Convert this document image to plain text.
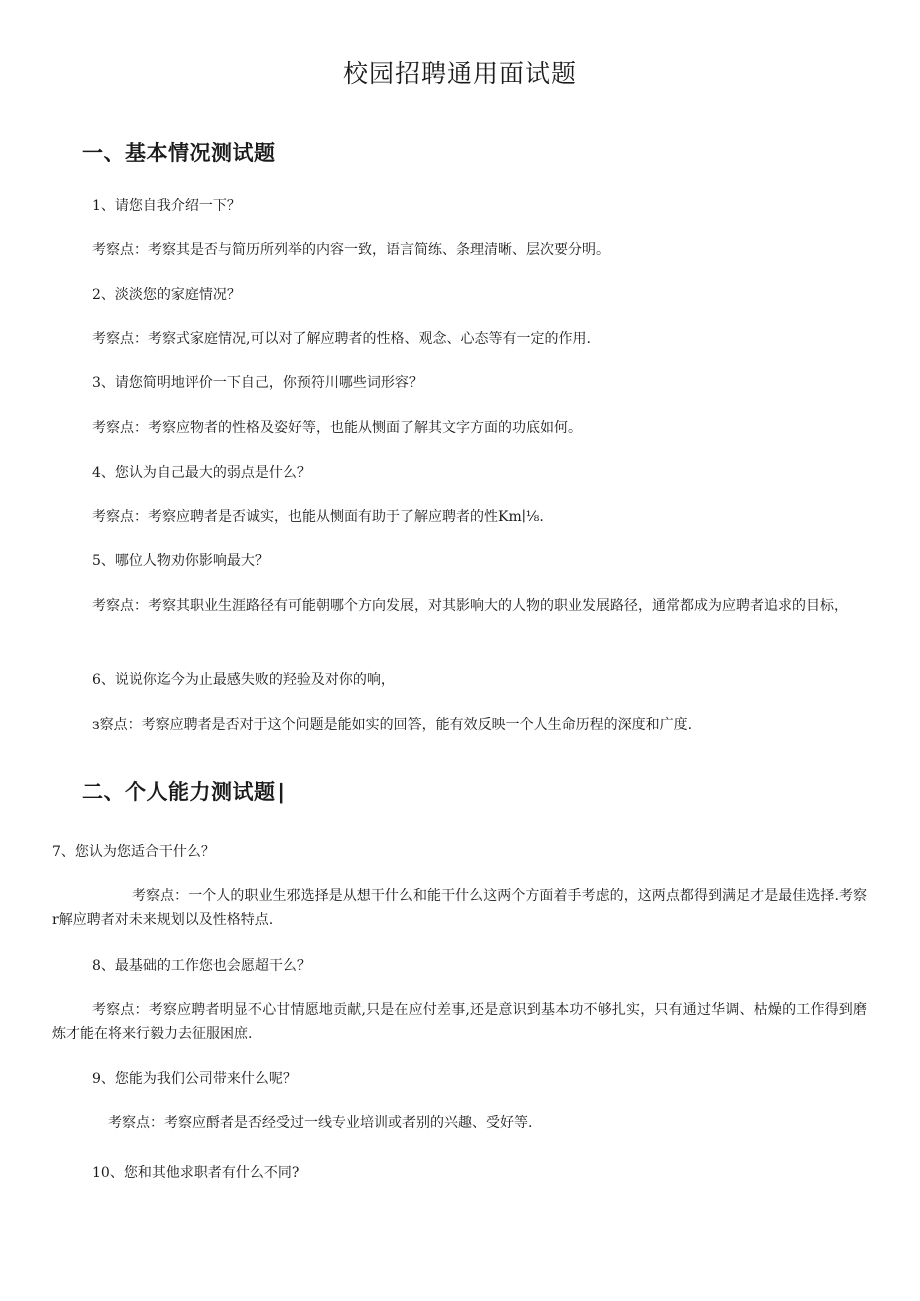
校园招聘通用面试题
一、基本情况测试题

1、请您自我介绍一下？

考察点：考察其是否与简历所列举的内容一致，语言简练、条理清晰、层次要分明。

2、淡淡您的家庭情况？

考察点：考察式家庭情况,可以对了解应聘者的性格、观念、心态等有一定的作用.

3、请您简明地评价一下自己，你预符川哪些词形容？

考察点：考察应物者的性格及姿好等，也能从恻面了解其文字方面的功底如何。

4、您认为自己最大的弱点是什么？

考察点：考察应聘者是否诚实，也能从恻面有助于了解应聘者的性Km∣⅛.

5、哪位人物劝你影响最大？

考察点：考察其职业生涯路径有可能朝哪个方向发展，对其影响大的人物的职业发展路径，通常都成为应聘者追求的目标，

6、说说你迄今为止最感失败的羟验及对你的响，

з察点：考察应聘者是否对于这个问题是能如实的回答，能有效反映一个人生命历程的深度和广度.

二、个人能力测试题∣

7、您认为您适合干什么？

考察点：一个人的职业生邪选择是从想干什么和能干什么这两个方面着手考虑的，这两点都得到满足才是最佳选择.考察r解应聘者对未来规划以及性格特点.

8、最基础的工作您也会愿超干么？

考察点：考察应聘者明显不心甘情愿地贡献,只是在应付差事,还是意识到基本功不够扎实，只有通过华调、枯燥的工作得到磨炼才能在将来行毅力去征服困庶.

9、您能为我们公司带来什么呢？

考察点：考察应酹者是否经受过一线专业培训或者别的兴趣、受好等.

10、您和其他求职者有什么不同?
